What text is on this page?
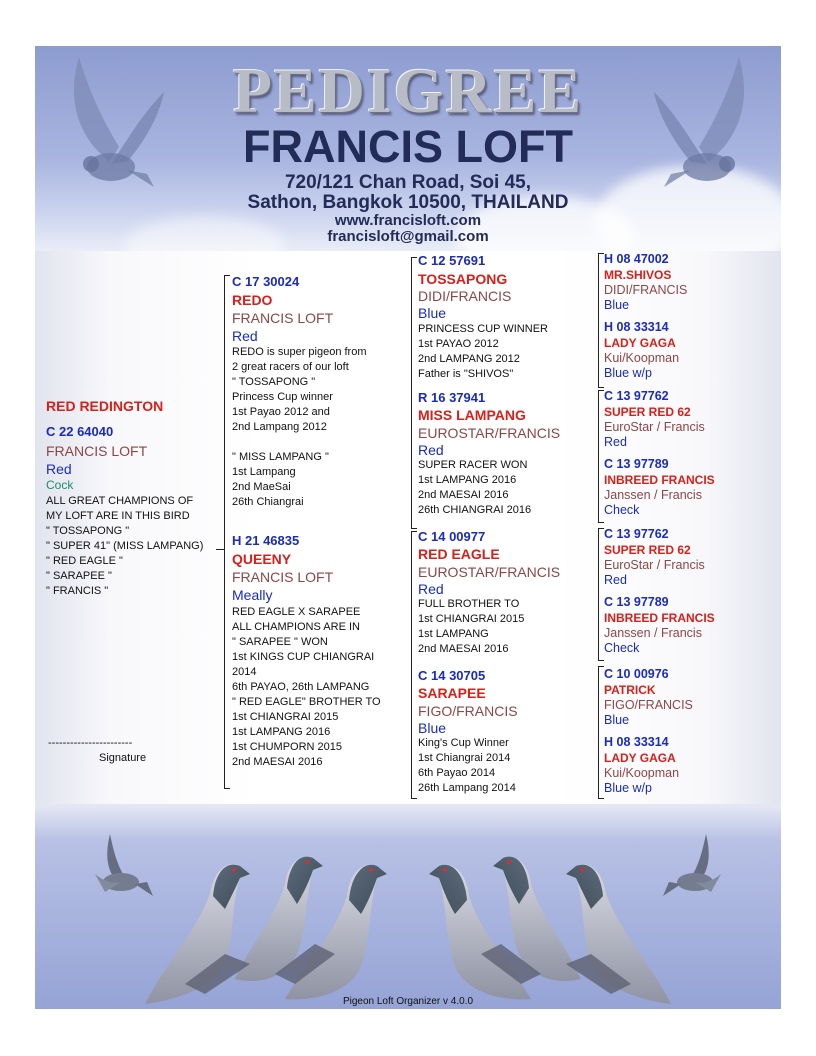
PEDIGREE
FRANCIS LOFT
720/121 Chan Road, Soi 45,
Sathon, Bangkok 10500, THAILAND
www.francisloft.com
francisloft@gmail.com
RED REDINGTON
C 22 64040
FRANCIS LOFT
Red
Cock
ALL GREAT CHAMPIONS OF
MY LOFT ARE IN THIS BIRD
" TOSSAPONG "
" SUPER 41" (MISS LAMPANG)
" RED EAGLE "
" SARAPEE "
" FRANCIS "
-----------------------
Signature
C 17 30024
REDO
FRANCIS LOFT
Red
REDO is super pigeon from
2 great racers of our loft
" TOSSAPONG "
Princess Cup winner
1st Payao 2012 and
2nd Lampang 2012
" MISS LAMPANG "
1st Lampang
2nd MaeSai
26th Chiangrai
H 21 46835
QUEENY
FRANCIS LOFT
Meally
RED EAGLE X SARAPEE
ALL CHAMPIONS ARE IN
" SARAPEE " WON
1st KINGS CUP CHIANGRAI
2014
6th PAYAO, 26th LAMPANG
" RED EAGLE" BROTHER TO
1st CHIANGRAI 2015
1st LAMPANG 2016
1st CHUMPORN 2015
2nd MAESAI 2016
C 12 57691
TOSSAPONG
DIDI/FRANCIS
Blue
PRINCESS CUP WINNER
1st PAYAO 2012
2nd LAMPANG 2012
Father is "SHIVOS"
R 16 37941
MISS LAMPANG
EUROSTAR/FRANCIS
Red
SUPER RACER WON
1st LAMPANG 2016
2nd MAESAI 2016
26th CHIANGRAI 2016
C 14 00977
RED EAGLE
EUROSTAR/FRANCIS
Red
FULL BROTHER TO
1st CHIANGRAI 2015
1st LAMPANG
2nd MAESAI 2016
C 14 30705
SARAPEE
FIGO/FRANCIS
Blue
King's Cup Winner
1st Chiangrai 2014
6th Payao 2014
26th Lampang 2014
H 08 47002
MR.SHIVOS
DIDI/FRANCIS
Blue
H 08 33314
LADY GAGA
Kui/Koopman
Blue w/p
C 13 97762
SUPER RED 62
EuroStar / Francis
Red
C 13 97789
INBREED FRANCIS
Janssen / Francis
Check
C 13 97762
SUPER RED 62
EuroStar / Francis
Red
C 13 97789
INBREED FRANCIS
Janssen / Francis
Check
C 10 00976
PATRICK
FIGO/FRANCIS
Blue
H 08 33314
LADY GAGA
Kui/Koopman
Blue w/p
Pigeon Loft Organizer v 4.0.0
